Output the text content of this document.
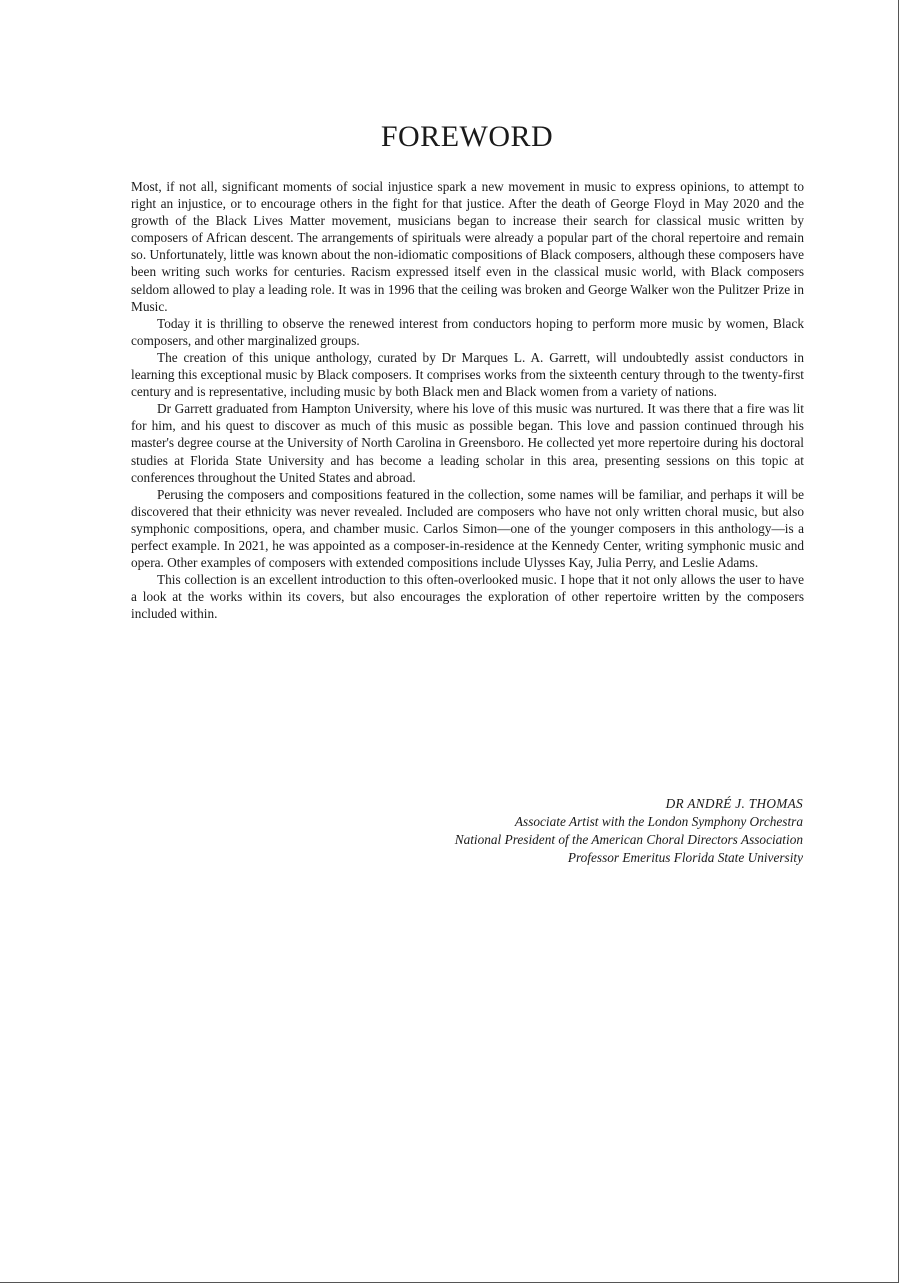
FOREWORD

Most, if not all, significant moments of social injustice spark a new movement in music to express opinions, to attempt to right an injustice, or to encourage others in the fight for that justice. After the death of George Floyd in May 2020 and the growth of the Black Lives Matter movement, musicians began to increase their search for classical music written by composers of African descent. The arrangements of spirituals were already a popular part of the choral repertoire and remain so. Unfortunately, little was known about the non-idiomatic compositions of Black composers, although these composers have been writing such works for centuries. Racism expressed itself even in the classical music world, with Black composers seldom allowed to play a leading role. It was in 1996 that the ceiling was broken and George Walker won the Pulitzer Prize in Music.

Today it is thrilling to observe the renewed interest from conductors hoping to perform more music by women, Black composers, and other marginalized groups.

The creation of this unique anthology, curated by Dr Marques L. A. Garrett, will undoubtedly assist conductors in learning this exceptional music by Black composers. It comprises works from the sixteenth century through to the twenty-first century and is representative, including music by both Black men and Black women from a variety of nations.

Dr Garrett graduated from Hampton University, where his love of this music was nurtured. It was there that a fire was lit for him, and his quest to discover as much of this music as possible began. This love and passion continued through his master's degree course at the University of North Carolina in Greensboro. He collected yet more repertoire during his doctoral studies at Florida State University and has become a leading scholar in this area, presenting sessions on this topic at conferences throughout the United States and abroad.

Perusing the composers and compositions featured in the collection, some names will be familiar, and perhaps it will be discovered that their ethnicity was never revealed. Included are composers who have not only written choral music, but also symphonic compositions, opera, and chamber music. Carlos Simon—one of the younger composers in this anthology—is a perfect example. In 2021, he was appointed as a composer-in-residence at the Kennedy Center, writing symphonic music and opera. Other examples of composers with extended compositions include Ulysses Kay, Julia Perry, and Leslie Adams.

This collection is an excellent introduction to this often-overlooked music. I hope that it not only allows the user to have a look at the works within its covers, but also encourages the exploration of other repertoire written by the composers included within.

DR ANDRÉ J. THOMAS
Associate Artist with the London Symphony Orchestra
National President of the American Choral Directors Association
Professor Emeritus Florida State University
